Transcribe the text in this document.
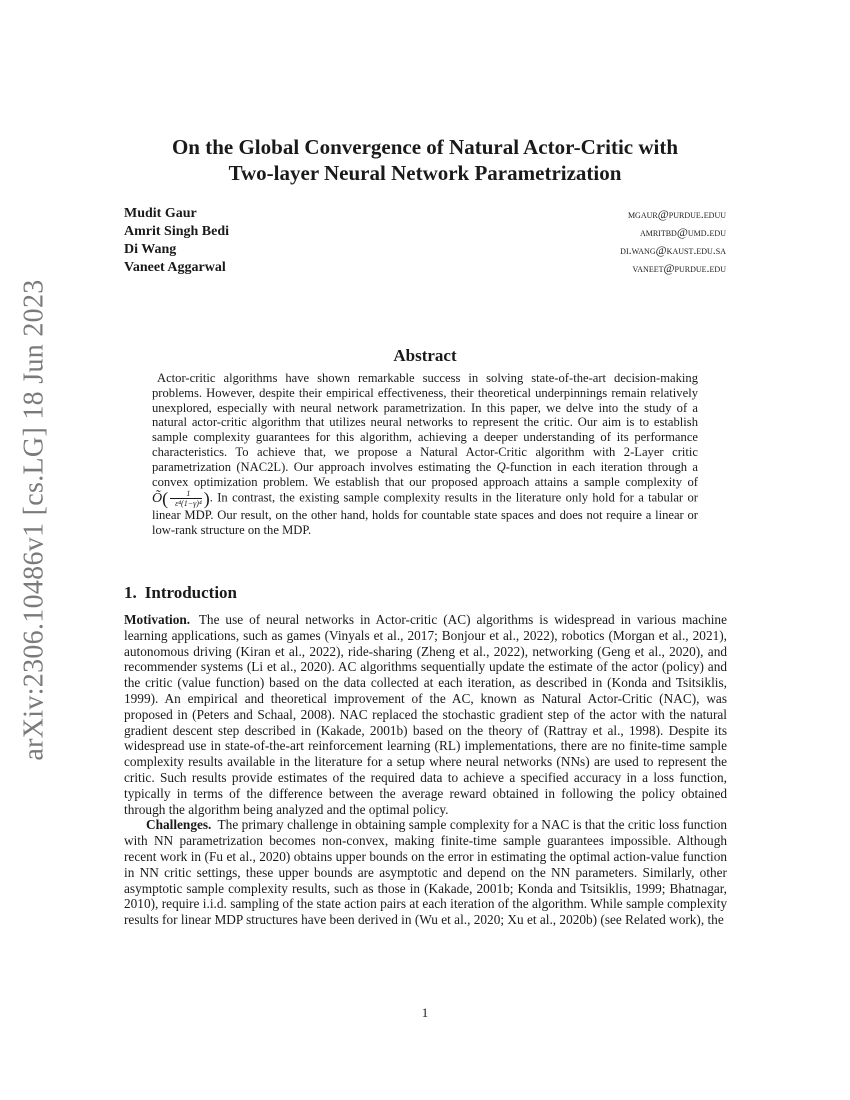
arXiv:2306.10486v1 [cs.LG] 18 Jun 2023
On the Global Convergence of Natural Actor-Critic with
Two-layer Neural Network Parametrization
Mudit Gaur	mgaur@purdue.eduu
Amrit Singh Bedi	amritbd@umd.edu
Di Wang	di.wang@kaust.edu.sa
Vaneet Aggarwal	vaneet@purdue.edu
Abstract

Actor-critic algorithms have shown remarkable success in solving state-of-the-art decision-making problems. However, despite their empirical effectiveness, their theoretical underpinnings remain relatively unexplored, especially with neural network parametrization. In this paper, we delve into the study of a natural actor-critic algorithm that utilizes neural networks to represent the critic. Our aim is to establish sample complexity guarantees for this algorithm, achieving a deeper understanding of its performance characteristics. To achieve that, we propose a Natural Actor-Critic algorithm with 2-Layer critic parametrization (NAC2L). Our approach involves estimating the Q-function in each iteration through a convex optimization problem. We establish that our proposed approach attains a sample complexity of Õ( $\frac{1}{\text{ε⁴(1−γ)⁴}}$ ). In contrast, the existing sample complexity results in the literature only hold for a tabular or linear MDP. Our result, on the other hand, holds for countable state spaces and does not require a linear or low-rank structure on the MDP.

1. Introduction

Motivation. The use of neural networks in Actor-critic (AC) algorithms is widespread in various machine learning applications, such as games (Vinyals et al., 2017; Bonjour et al., 2022), robotics (Morgan et al., 2021), autonomous driving (Kiran et al., 2022), ride-sharing (Zheng et al., 2022), networking (Geng et al., 2020), and recommender systems (Li et al., 2020). AC algorithms sequentially update the estimate of the actor (policy) and the critic (value function) based on the data collected at each iteration, as described in (Konda and Tsitsiklis, 1999). An empirical and theoretical improvement of the AC, known as Natural Actor-Critic (NAC), was proposed in (Peters and Schaal, 2008). NAC replaced the stochastic gradient step of the actor with the natural gradient descent step described in (Kakade, 2001b) based on the theory of (Rattray et al., 1998). Despite its widespread use in state-of-the-art reinforcement learning (RL) implementations, there are no finite-time sample complexity results available in the literature for a setup where neural networks (NNs) are used to represent the critic. Such results provide estimates of the required data to achieve a specified accuracy in a loss function, typically in terms of the difference between the average reward obtained in following the policy obtained through the algorithm being analyzed and the optimal policy.

Challenges. The primary challenge in obtaining sample complexity for a NAC is that the critic loss function with NN parametrization becomes non-convex, making finite-time sample guarantees impossible. Although recent work in (Fu et al., 2020) obtains upper bounds on the error in estimating the optimal action-value function in NN critic settings, these upper bounds are asymptotic and depend on the NN parameters. Similarly, other asymptotic sample complexity results, such as those in (Kakade, 2001b; Konda and Tsitsiklis, 1999; Bhatnagar, 2010), require i.i.d. sampling of the state action pairs at each iteration of the algorithm. While sample complexity results for linear MDP structures have been derived in (Wu et al., 2020; Xu et al., 2020b) (see Related work), the

1
